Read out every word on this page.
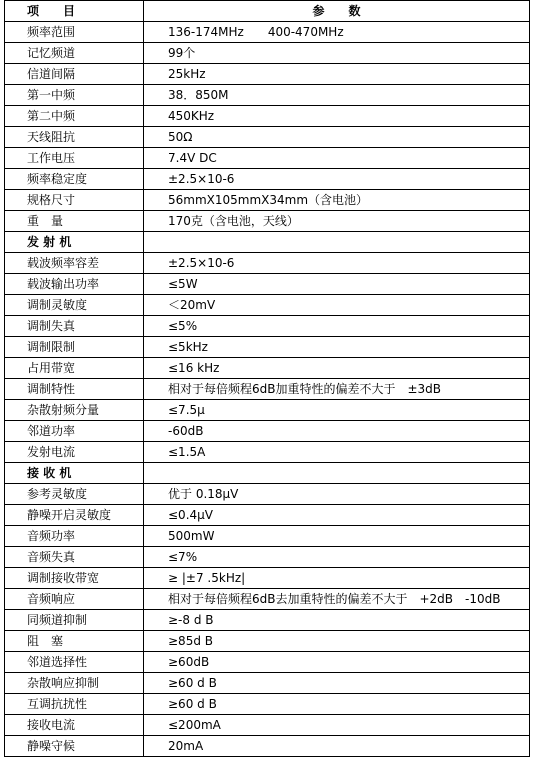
项　　目	参　　数
频率范围	136-174MHz　　400-470MHz
记忆频道	99个
信道间隔	25kHz
第一中频	38．850M
第二中频	450KHz
天线阻抗	50Ω
工作电压	7.4V DC
频率稳定度	±2.5×10-6
规格尺寸	56mmX105mmX34mm（含电池）
重　量	170克（含电池，天线）
发 射 机	
载波频率容差	±2.5×10-6
载波输出功率	≤5W
调制灵敏度	＜20mV
调制失真	≤5%
调制限制	≤5kHz
占用带宽	≤16 kHz
调制特性	相对于每倍频程6dB加重特性的偏差不大于　±3dB
杂散射频分量	≤7.5μ
邻道功率	-60dB
发射电流	≤1.5A
接 收 机	
参考灵敏度	优于 0.18μV
静噪开启灵敏度	≤0.4μV
音频功率	500mW
音频失真	≤7%
调制接收带宽	≥ |±7 .5kHz|
音频响应	相对于每倍频程6dB去加重特性的偏差不大于　+2dB　-10dB
同频道抑制	≥-8 d B
阻　塞	≥85d B
邻道选择性	≥60dB
杂散响应抑制	≥60 d B
互调抗扰性	≥60 d B
接收电流	≤200mA
静噪守候	20mA
